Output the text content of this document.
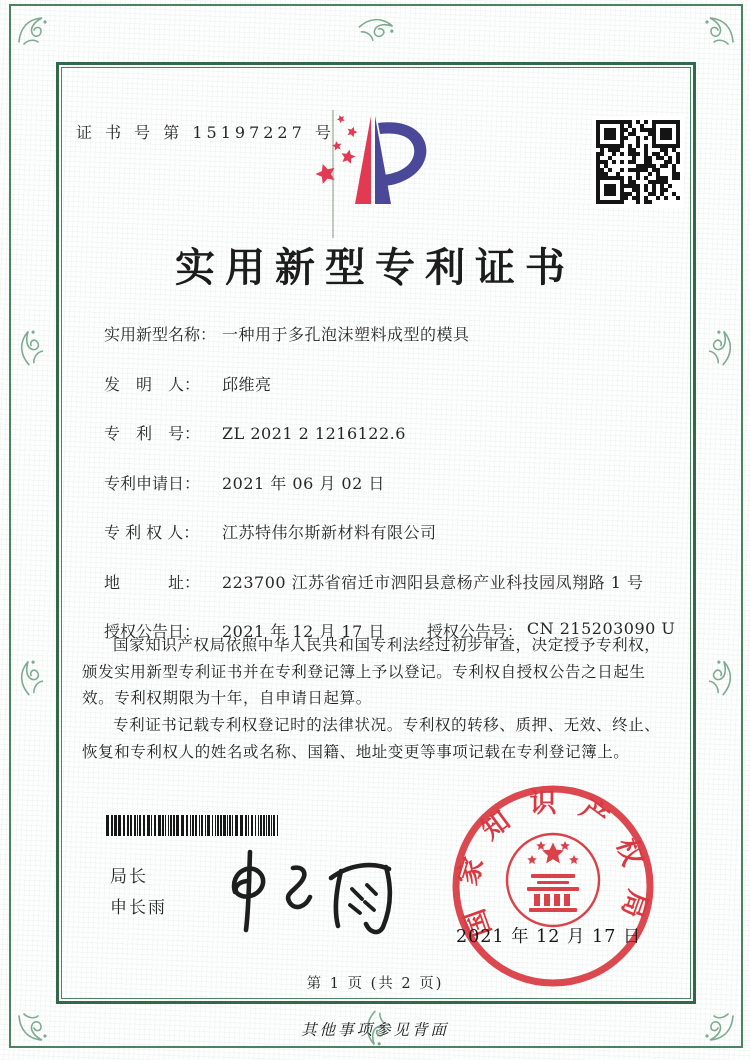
证 书 号 第 15197227 号
实用新型专利证书
实用新型名称： 一种用于多孔泡沫塑料成型的模具
发　明　人：	邱维亮
专　利　号：	ZL 2021 2 1216122.6
专利申请日：	2021 年 06 月 02 日
专 利 权 人：	江苏特伟尔斯新材料有限公司
地　　　址：	223700 江苏省宿迁市泗阳县意杨产业科技园凤翔路 1 号
授权公告日：	2021 年 12 月 17 日	授权公告号： CN 215203090 U

国家知识产权局依照中华人民共和国专利法经过初步审查，决定授予专利权，颁发实用新型专利证书并在专利登记簿上予以登记。专利权自授权公告之日起生效。专利权期限为十年，自申请日起算。

专利证书记载专利权登记时的法律状况。专利权的转移、质押、无效、终止、恢复和专利权人的姓名或名称、国籍、地址变更等事项记载在专利登记簿上。

局长
申长雨	国家知识产权局
2021 年 12 月 17 日
第 1 页 (共 2 页)
其他事项参见背面
